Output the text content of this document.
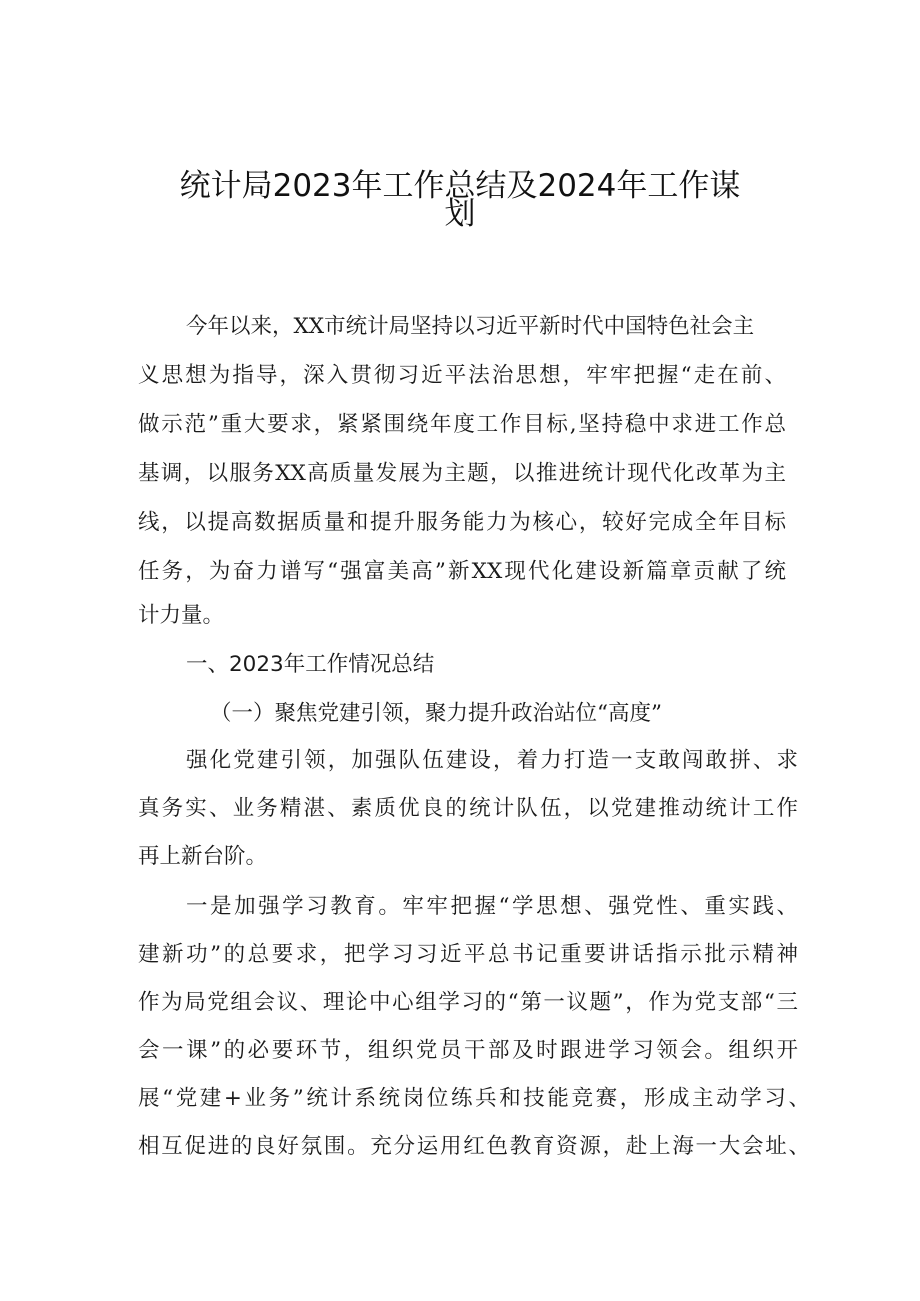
统计局2023年工作总结及2024年工作谋
划
今年以来，XX市统计局坚持以习近平新时代中国特色社会主
义思想为指导，深入贯彻习近平法治思想，牢牢把握“走在前、
做示范”重大要求，紧紧围绕年度工作目标,坚持稳中求进工作总
基调，以服务XX高质量发展为主题，以推进统计现代化改革为主
线，以提高数据质量和提升服务能力为核心，较好完成全年目标
任务，为奋力谱写“强富美高”新XX现代化建设新篇章贡献了统
计力量。
一、2023年工作情况总结
（一）聚焦党建引领，聚力提升政治站位“高度”
强化党建引领，加强队伍建设，着力打造一支敢闯敢拼、求
真务实、业务精湛、素质优良的统计队伍，以党建推动统计工作
再上新台阶。
一是加强学习教育。牢牢把握“学思想、强党性、重实践、
建新功”的总要求，把学习习近平总书记重要讲话指示批示精神
作为局党组会议、理论中心组学习的“第一议题”，作为党支部“三
会一课”的必要环节，组织党员干部及时跟进学习领会。组织开
展“党建+业务”统计系统岗位练兵和技能竞赛，形成主动学习、
相互促进的良好氛围。充分运用红色教育资源，赴上海一大会址、
